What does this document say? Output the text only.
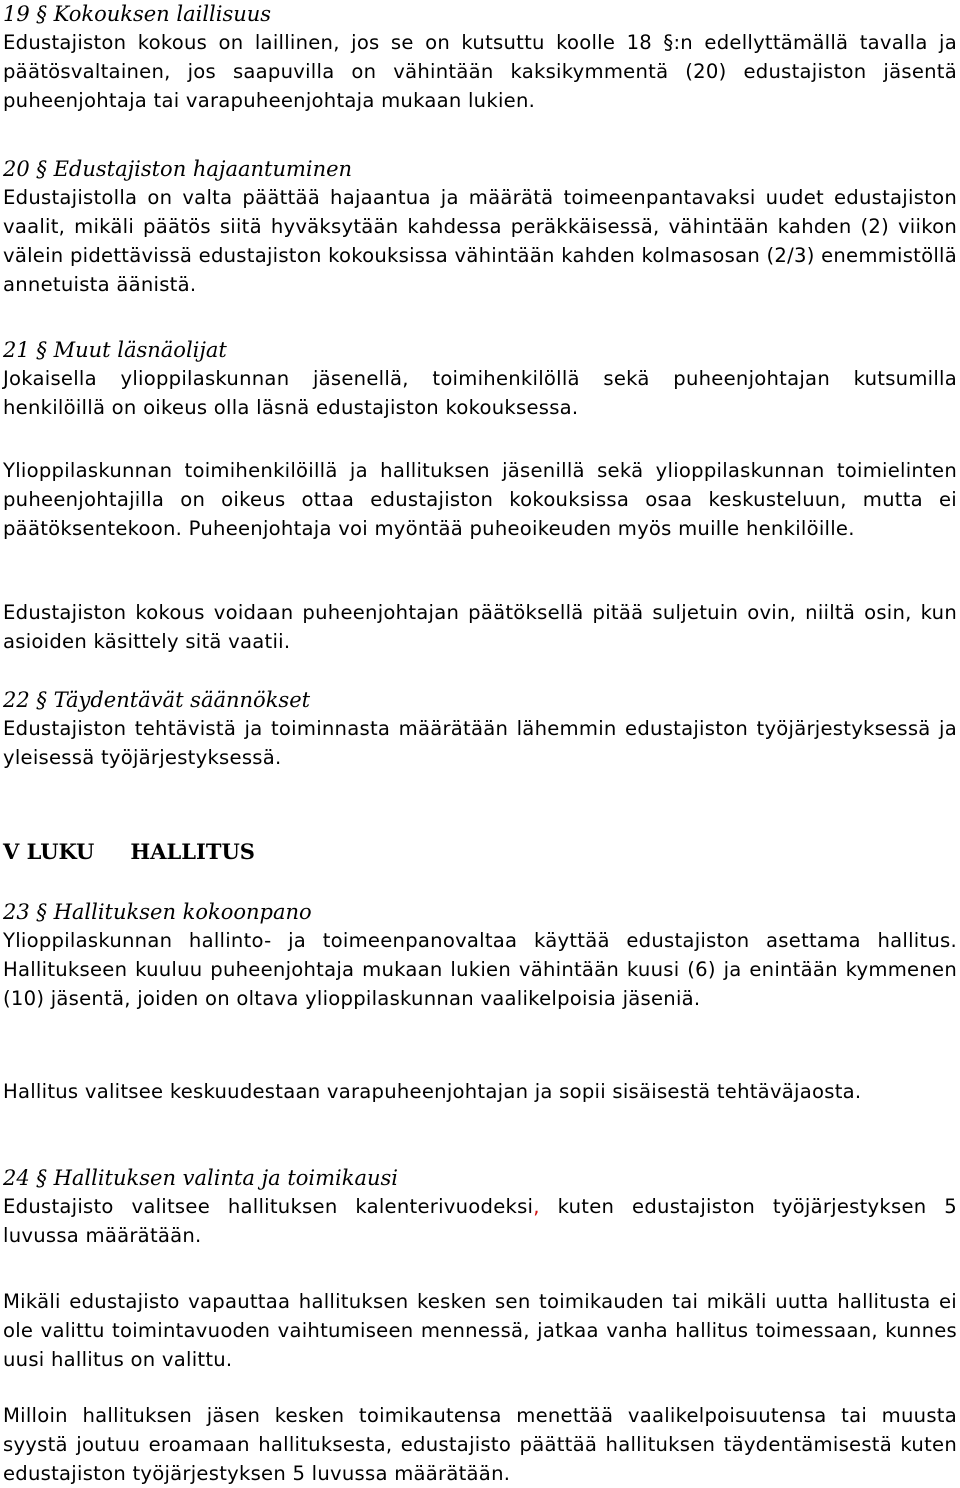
19 § Kokouksen laillisuus

Edustajiston kokous on laillinen, jos se on kutsuttu koolle 18 §:n edellyttämällä tavalla ja päätösvaltainen, jos saapuvilla on vähintään kaksikymmentä (20) edustajiston jäsentä puheenjohtaja tai varapuheenjohtaja mukaan lukien.

20 § Edustajiston hajaantuminen

Edustajistolla on valta päättää hajaantua ja määrätä toimeenpantavaksi uudet edustajiston vaalit, mikäli päätös siitä hyväksytään kahdessa peräkkäisessä, vähintään kahden (2) viikon välein pidettävissä edustajiston kokouksissa vähintään kahden kolmasosan (2/3) enemmistöllä annetuista äänistä.

21 § Muut läsnäolijat

Jokaisella ylioppilaskunnan jäsenellä, toimihenkilöllä sekä puheenjohtajan kutsumilla henkilöillä on oikeus olla läsnä edustajiston kokouksessa.

Ylioppilaskunnan toimihenkilöillä ja hallituksen jäsenillä sekä ylioppilaskunnan toimielinten puheenjohtajilla on oikeus ottaa edustajiston kokouksissa osaa keskusteluun, mutta ei päätöksentekoon. Puheenjohtaja voi myöntää puheoikeuden myös muille henkilöille.

Edustajiston kokous voidaan puheenjohtajan päätöksellä pitää suljetuin ovin, niiltä osin, kun asioiden käsittely sitä vaatii.

22 § Täydentävät säännökset

Edustajiston tehtävistä ja toiminnasta määrätään lähemmin edustajiston työjärjestyksessä ja yleisessä työjärjestyksessä.

V LUKU HALLITUS

23 § Hallituksen kokoonpano

Ylioppilaskunnan hallinto- ja toimeenpanovaltaa käyttää edustajiston asettama hallitus. Hallitukseen kuuluu puheenjohtaja mukaan lukien vähintään kuusi (6) ja enintään kymmenen (10) jäsentä, joiden on oltava ylioppilaskunnan vaalikelpoisia jäseniä.

Hallitus valitsee keskuudestaan varapuheenjohtajan ja sopii sisäisestä tehtäväjaosta.

24 § Hallituksen valinta ja toimikausi

Edustajisto valitsee hallituksen kalenterivuodeksi, kuten edustajiston työjärjestyksen 5 luvussa määrätään.

Mikäli edustajisto vapauttaa hallituksen kesken sen toimikauden tai mikäli uutta hallitusta ei ole valittu toimintavuoden vaihtumiseen mennessä, jatkaa vanha hallitus toimessaan, kunnes uusi hallitus on valittu.

Milloin hallituksen jäsen kesken toimikautensa menettää vaalikelpoisuutensa tai muusta syystä joutuu eroamaan hallituksesta, edustajisto päättää hallituksen täydentämisestä kuten edustajiston työjärjestyksen 5 luvussa määrätään.
